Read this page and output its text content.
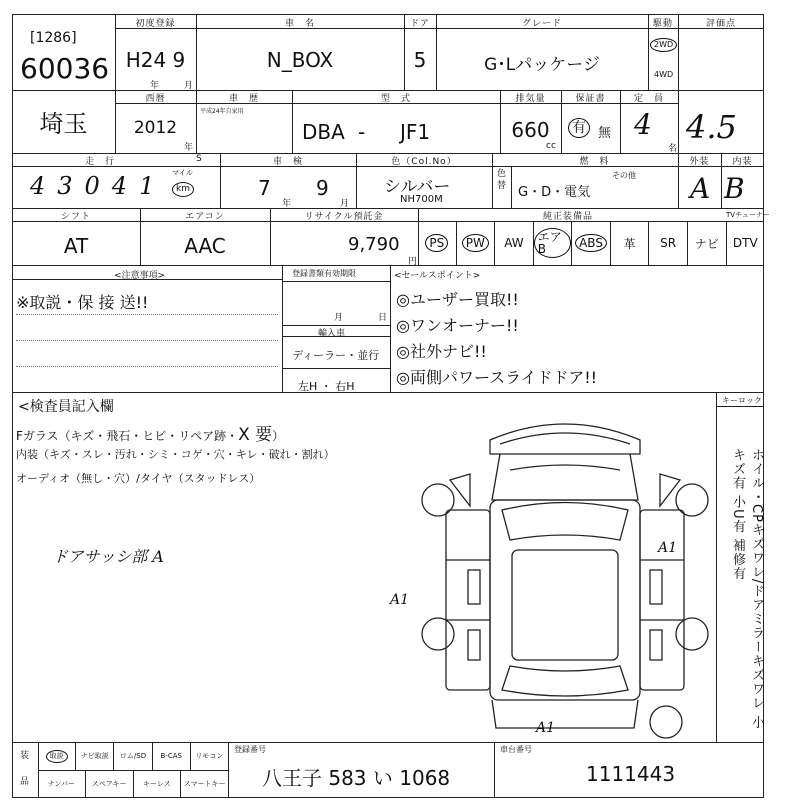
[1286]
60036
初度登録
H24 9
年	月
車　名
N_BOX
ドア
5
グレード
G･Lパッケージ
駆動
2WD
4WD
評価点
埼玉
西暦
2012
年
車　歴
平成24年自家用
型　式
DBA - JF1
排気量
660
cc
保証書
有 無
定　員
4
名
4.5
走　行	S
43041 マイル
km
車　検
7 9
年	月
色（Col.No）
シルバー
NH700M
色替
燃　料
G・D・電気
その他
外装	内装
A B
シフト
AT
エアコン
AAC
リサイクル預託金
9,790
円
純正装備品	TVチューナー
PS	PW	AW	エアB	ABS	革 SR ナビ DTV
<注意事項>
※取説・保 接 送!!
登録書類有効期限
月	日
輸入車
ディーラー・並行
左H ・ 右H
<セールスポイント>
◎ユーザー買取!!
◎ワンオーナー!!
◎社外ナビ!!
◎両側パワースライドドア!!
<検査員記入欄
Fガラス（キズ・飛石・ヒビ・リペア跡・X 要）
内装（キズ・スレ・汚れ・シミ・コゲ・穴・キレ・破れ・割れ）
オーディオ（無し・穴）/タイヤ（スタッドレス）
ドアサッシ部 A
キーロック
ホイル・CPキズワレ/ドアミラーキズワレ 小キズ有 小U有 補修有
A1
A1
A1
装
品
取説	ナビ取説 ロム/SD B-CAS リモコン
ナンバー スペアキー キーレス スマートキー
登録番号
八王子 583 い 1068
車台番号
1111443
